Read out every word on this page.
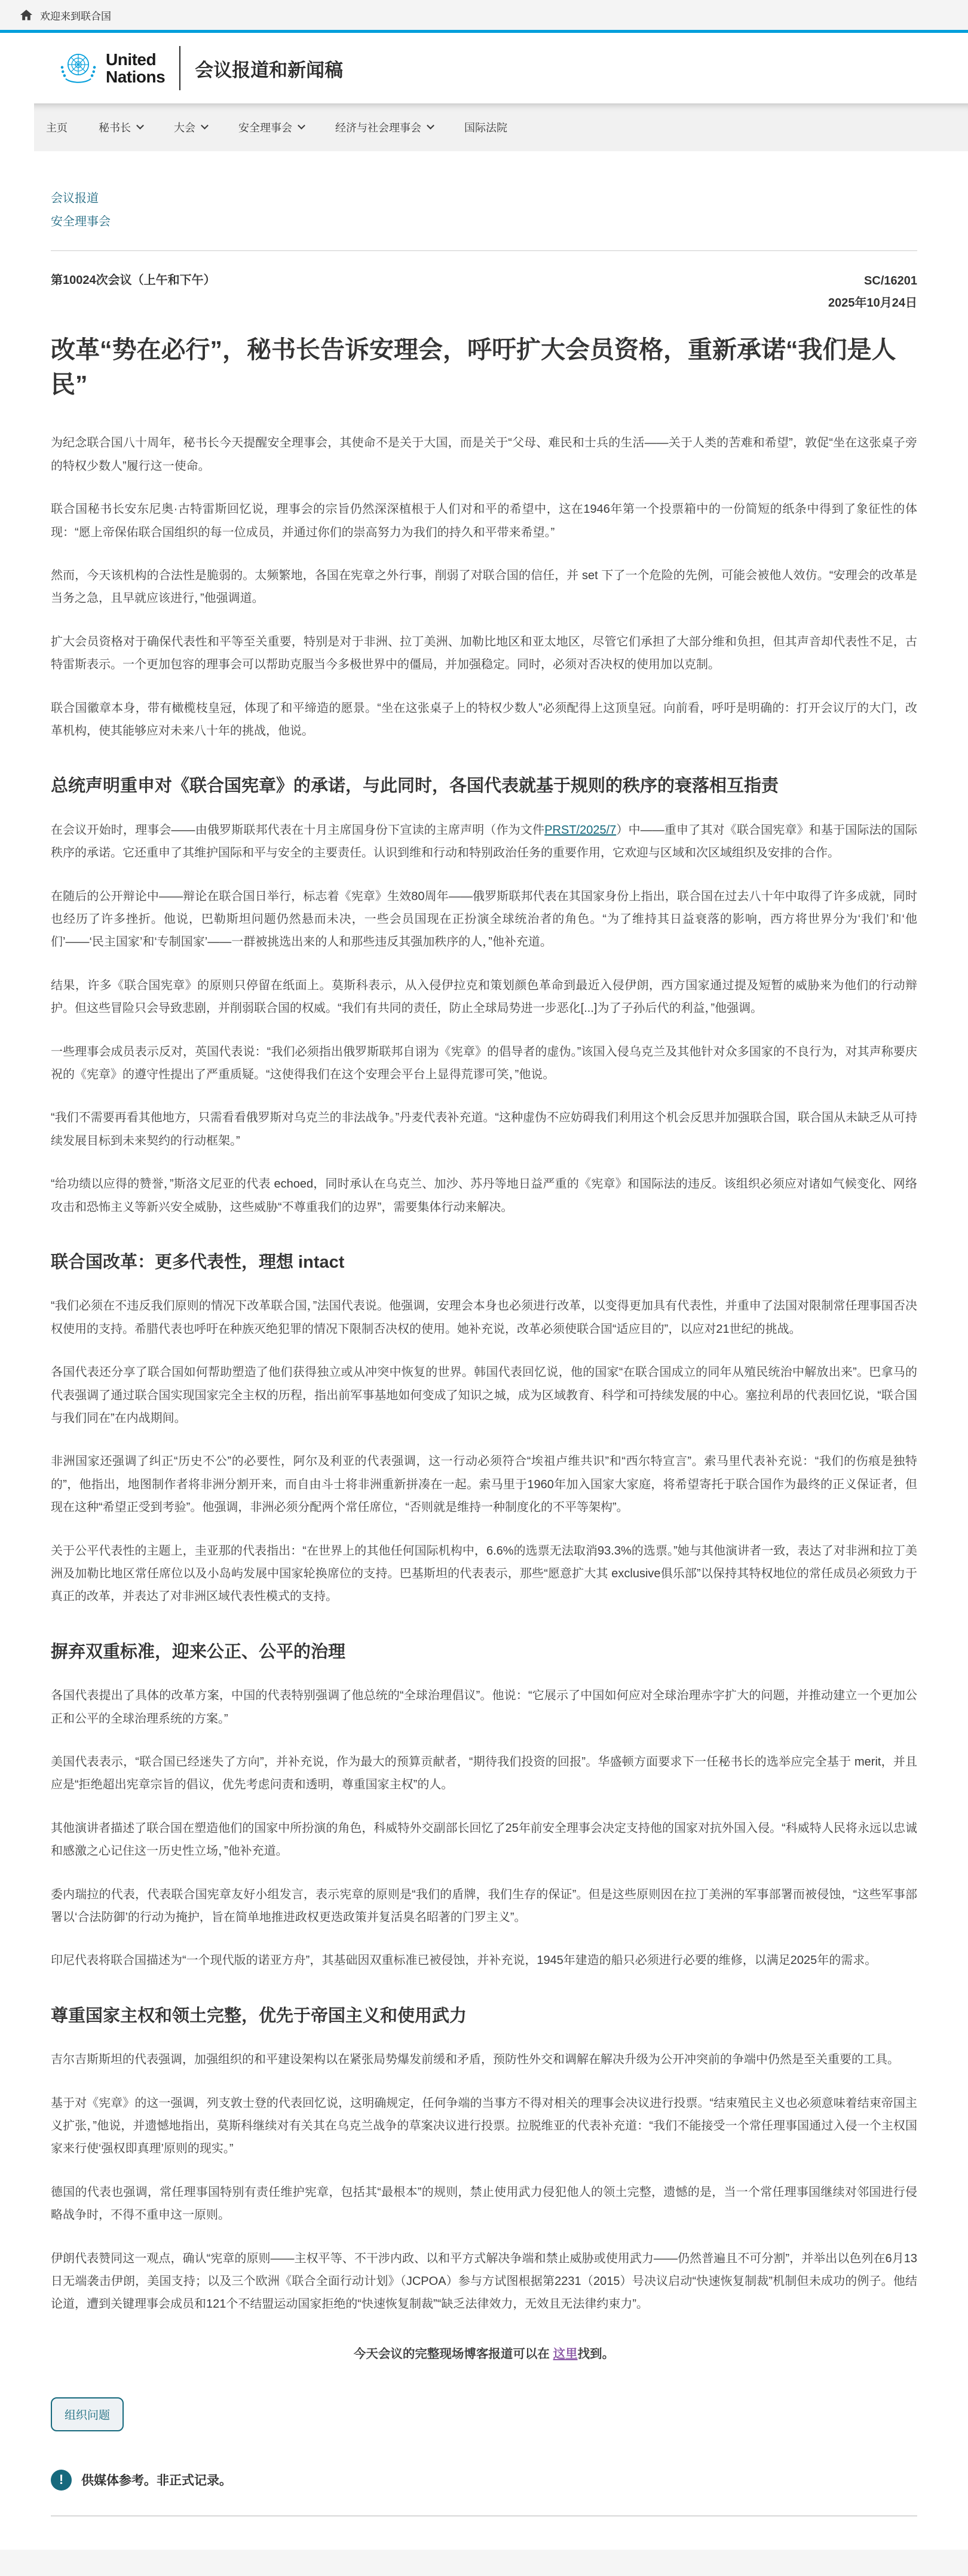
欢迎来到联合国
United
Nations 会议报道和新闻稿
主页	秘书长	大会	安全理事会	经济与社会理事会	国际法院
会议报道
安全理事会
第10024次会议（上午和下午）	SC/16201
2025年10月24日
改革“势在必行”，秘书长告诉安理会，呼吁扩大会员资格，重新承诺“我们是人民”

为纪念联合国八十周年，秘书长今天提醒安全理事会，其使命不是关于大国，而是关于“父母、难民和士兵的生活——关于人类的苦难和希望”，敦促“坐在这张桌子旁的特权少数人”履行这一使命。

联合国秘书长安东尼奥·古特雷斯回忆说，理事会的宗旨仍然深深植根于人们对和平的希望中，这在1946年第一个投票箱中的一份简短的纸条中得到了象征性的体现：“愿上帝保佑联合国组织的每一位成员，并通过你们的崇高努力为我们的持久和平带来希望。”

然而，今天该机构的合法性是脆弱的。太频繁地，各国在宪章之外行事，削弱了对联合国的信任，并 set 下了一个危险的先例，可能会被他人效仿。“安理会的改革是当务之急，且早就应该进行，”他强调道。

扩大会员资格对于确保代表性和平等至关重要，特别是对于非洲、拉丁美洲、加勒比地区和亚太地区，尽管它们承担了大部分维和负担，但其声音却代表性不足，古特雷斯表示。一个更加包容的理事会可以帮助克服当今多极世界中的僵局，并加强稳定。同时，必须对否决权的使用加以克制。

联合国徽章本身，带有橄榄枝皇冠，体现了和平缔造的愿景。“坐在这张桌子上的特权少数人”必须配得上这顶皇冠。向前看，呼吁是明确的：打开会议厅的大门，改革机构，使其能够应对未来八十年的挑战，他说。

总统声明重申对《联合国宪章》的承诺，与此同时，各国代表就基于规则的秩序的衰落相互指责

在会议开始时，理事会——由俄罗斯联邦代表在十月主席国身份下宣读的主席声明（作为文件PRST/2025/7）中——重申了其对《联合国宪章》和基于国际法的国际秩序的承诺。它还重申了其维护国际和平与安全的主要责任。认识到维和行动和特别政治任务的重要作用，它欢迎与区域和次区域组织及安排的合作。

在随后的公开辩论中——辩论在联合国日举行，标志着《宪章》生效80周年——俄罗斯联邦代表在其国家身份上指出，联合国在过去八十年中取得了许多成就，同时也经历了许多挫折。他说，巴勒斯坦问题仍然悬而未决，一些会员国现在正扮演全球统治者的角色。“为了维持其日益衰落的影响，西方将世界分为‘我们’和‘他们’——‘民主国家’和‘专制国家’——一群被挑选出来的人和那些违反其强加秩序的人，”他补充道。

结果，许多《联合国宪章》的原则只停留在纸面上。莫斯科表示，从入侵伊拉克和策划颜色革命到最近入侵伊朗，西方国家通过提及短暂的威胁来为他们的行动辩护。但这些冒险只会导致悲剧，并削弱联合国的权威。“我们有共同的责任，防止全球局势进一步恶化[...]为了子孙后代的利益，”他强调。

一些理事会成员表示反对，英国代表说：“我们必须指出俄罗斯联邦自诩为《宪章》的倡导者的虚伪。”该国入侵乌克兰及其他针对众多国家的不良行为，对其声称要庆祝的《宪章》的遵守性提出了严重质疑。“这使得我们在这个安理会平台上显得荒谬可笑，”他说。

“我们不需要再看其他地方，只需看看俄罗斯对乌克兰的非法战争。”丹麦代表补充道。“这种虚伪不应妨碍我们利用这个机会反思并加强联合国，联合国从未缺乏从可持续发展目标到未来契约的行动框架。”

“给功绩以应得的赞誉，”斯洛文尼亚的代表 echoed，同时承认在乌克兰、加沙、苏丹等地日益严重的《宪章》和国际法的违反。该组织必须应对诸如气候变化、网络攻击和恐怖主义等新兴安全威胁，这些威胁“不尊重我们的边界”，需要集体行动来解决。

联合国改革：更多代表性，理想 intact

“我们必须在不违反我们原则的情况下改革联合国，”法国代表说。他强调，安理会本身也必须进行改革，以变得更加具有代表性，并重申了法国对限制常任理事国否决权使用的支持。希腊代表也呼吁在种族灭绝犯罪的情况下限制否决权的使用。她补充说，改革必须使联合国“适应目的”，以应对21世纪的挑战。

各国代表还分享了联合国如何帮助塑造了他们获得独立或从冲突中恢复的世界。韩国代表回忆说，他的国家“在联合国成立的同年从殖民统治中解放出来”。巴拿马的代表强调了通过联合国实现国家完全主权的历程，指出前军事基地如何变成了知识之城，成为区域教育、科学和可持续发展的中心。塞拉利昂的代表回忆说，“联合国与我们同在”在内战期间。

非洲国家还强调了纠正“历史不公”的必要性，阿尔及利亚的代表强调，这一行动必须符合“埃祖卢维共识”和“西尔特宣言”。索马里代表补充说：“我们的伤痕是独特的”，他指出，地图制作者将非洲分割开来，而自由斗士将非洲重新拼凑在一起。索马里于1960年加入国家大家庭，将希望寄托于联合国作为最终的正义保证者，但现在这种“希望正受到考验”。他强调，非洲必须分配两个常任席位，“否则就是维持一种制度化的不平等架构”。

关于公平代表性的主题上，圭亚那的代表指出：“在世界上的其他任何国际机构中，6.6%的选票无法取消93.3%的选票。”她与其他演讲者一致，表达了对非洲和拉丁美洲及加勒比地区常任席位以及小岛屿发展中国家轮换席位的支持。巴基斯坦的代表表示，那些“愿意扩大其 exclusive俱乐部”以保持其特权地位的常任成员必须致力于真正的改革，并表达了对非洲区域代表性模式的支持。

摒弃双重标准，迎来公正、公平的治理

各国代表提出了具体的改革方案，中国的代表特别强调了他总统的“全球治理倡议”。他说：“它展示了中国如何应对全球治理赤字扩大的问题，并推动建立一个更加公正和公平的全球治理系统的方案。”

美国代表表示，“联合国已经迷失了方向”，并补充说，作为最大的预算贡献者，“期待我们投资的回报”。华盛顿方面要求下一任秘书长的选举应完全基于 merit，并且应是“拒绝超出宪章宗旨的倡议，优先考虑问责和透明，尊重国家主权”的人。

其他演讲者描述了联合国在塑造他们的国家中所扮演的角色，科威特外交副部长回忆了25年前安全理事会决定支持他的国家对抗外国入侵。“科威特人民将永远以忠诚和感激之心记住这一历史性立场，”他补充道。

委内瑞拉的代表，代表联合国宪章友好小组发言，表示宪章的原则是“我们的盾牌，我们生存的保证”。但是这些原则因在拉丁美洲的军事部署而被侵蚀，“这些军事部署以‘合法防御’的行动为掩护，旨在简单地推进政权更迭政策并复活臭名昭著的门罗主义”。

印尼代表将联合国描述为“一个现代版的诺亚方舟”，其基础因双重标准已被侵蚀，并补充说，1945年建造的船只必须进行必要的维修，以满足2025年的需求。

尊重国家主权和领土完整，优先于帝国主义和使用武力

吉尔吉斯斯坦的代表强调，加强组织的和平建设架构以在紧张局势爆发前缓和矛盾，预防性外交和调解在解决升级为公开冲突前的争端中仍然是至关重要的工具。

基于对《宪章》的这一强调，列支敦士登的代表回忆说，这明确规定，任何争端的当事方不得对相关的理事会决议进行投票。“结束殖民主义也必须意味着结束帝国主义扩张，”他说，并遗憾地指出，莫斯科继续对有关其在乌克兰战争的草案决议进行投票。拉脱维亚的代表补充道：“我们不能接受一个常任理事国通过入侵一个主权国家来行使‘强权即真理’原则的现实。”

德国的代表也强调，常任理事国特别有责任维护宪章，包括其“最根本”的规则，禁止使用武力侵犯他人的领土完整，遗憾的是，当一个常任理事国继续对邻国进行侵略战争时，不得不重申这一原则。

伊朗代表赞同这一观点，确认“宪章的原则——主权平等、不干涉内政、以和平方式解决争端和禁止威胁或使用武力——仍然普遍且不可分割”，并举出以色列在6月13日无端袭击伊朗，美国支持；以及三个欧洲《联合全面行动计划》（JCPOA）参与方试图根据第2231（2015）号决议启动“快速恢复制裁”机制但未成功的例子。他结论道，遭到关键理事会成员和121个不结盟运动国家拒绝的“快速恢复制裁”“缺乏法律效力，无效且无法律约束力”。

今天会议的完整现场博客报道可以在 这里找到。
组织问题
!	供媒体参考。非正式记录。
